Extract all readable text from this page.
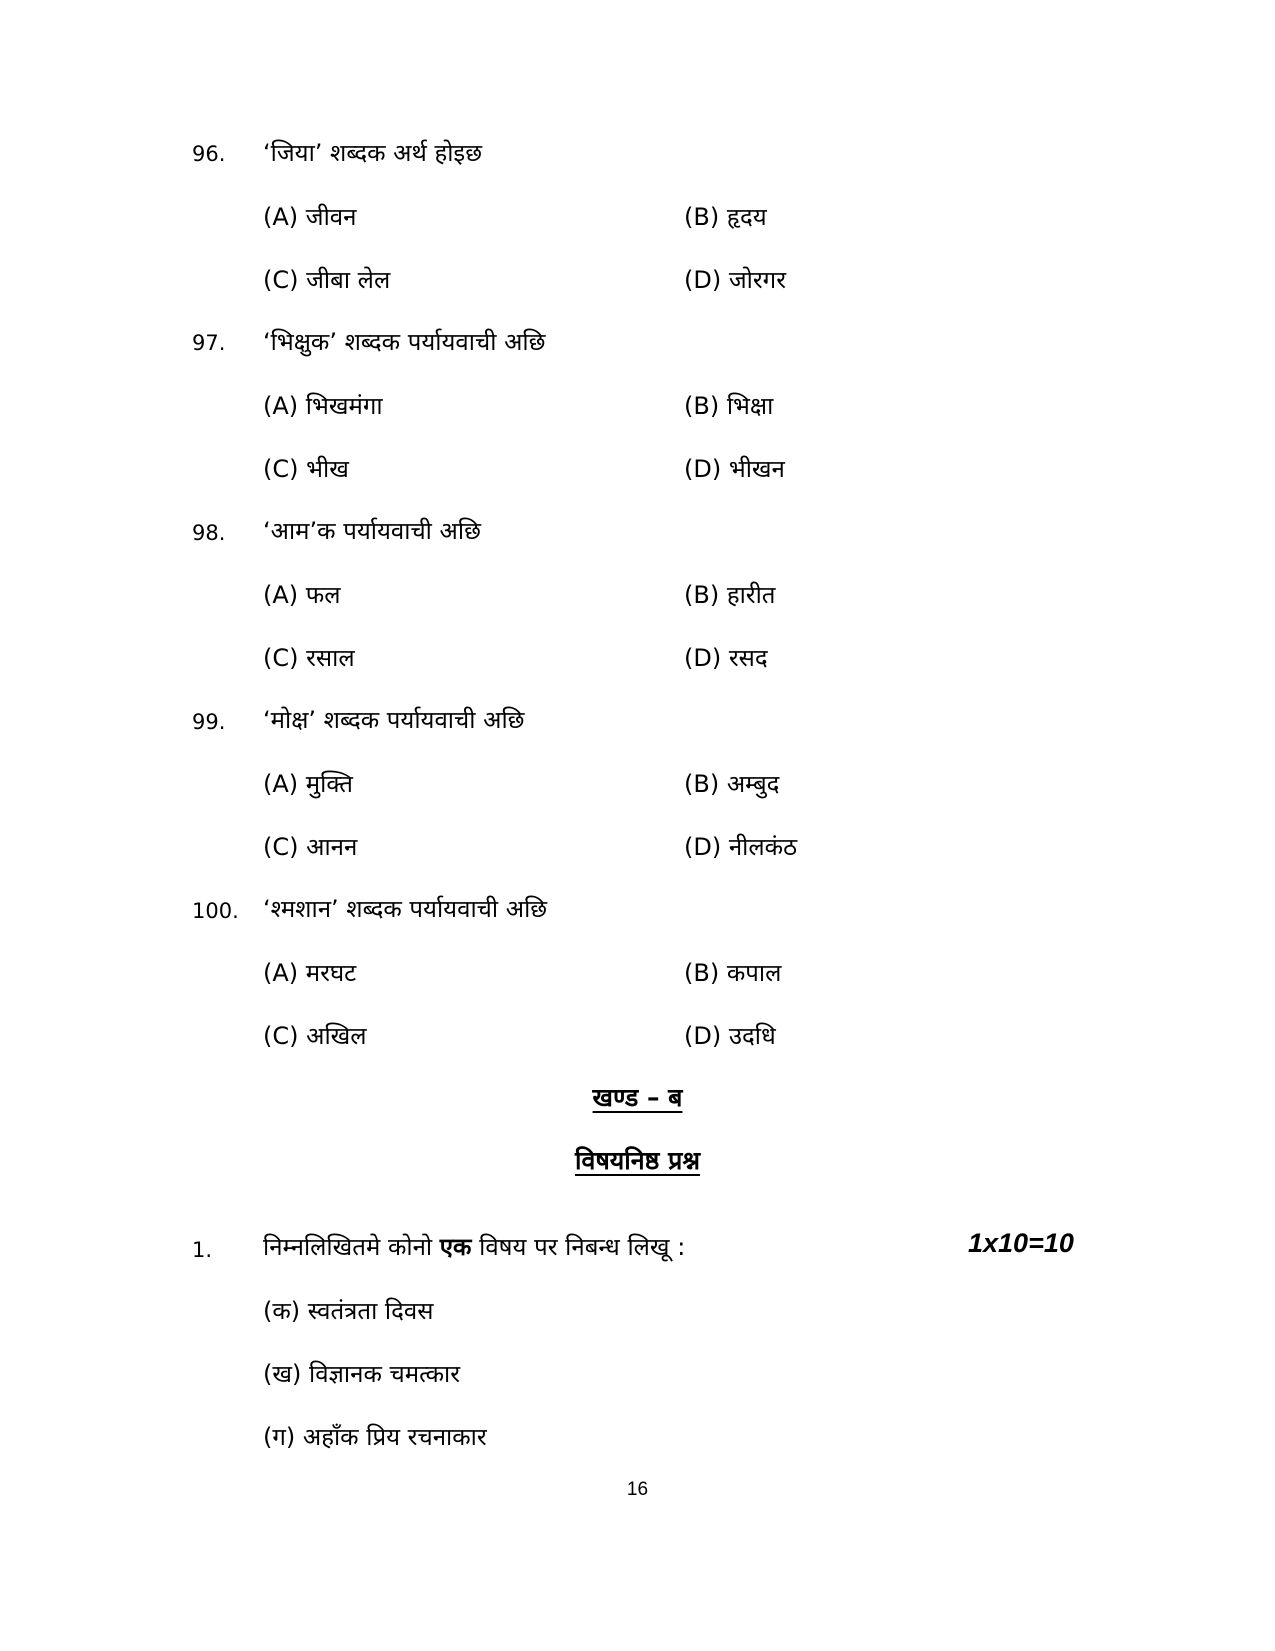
96. ‘जिया’ शब्दक अर्थ होइछ
(A) जीवन	(B) हृदय
(C) जीबा लेल	(D) जोरगर
97. ‘भिक्षुक’ शब्दक पर्यायवाची अछि
(A) भिखमंगा	(B) भिक्षा
(C) भीख	(D) भीखन
98. ‘आम’क पर्यायवाची अछि
(A) फल	(B) हारीत
(C) रसाल	(D) रसद
99. ‘मोक्ष’ शब्दक पर्यायवाची अछि
(A) मुक्ति	(B) अम्बुद
(C) आनन	(D) नीलकंठ
100. ‘श्मशान’ शब्दक पर्यायवाची अछि
(A) मरघट	(B) कपाल
(C) अखिल	(D) उदधि
खण्ड – ब
विषयनिष्ठ प्रश्न
1. निम्नलिखितमे कोनो एक विषय पर निबन्ध लिखू :	1x10=10
(क) स्वतंत्रता दिवस
(ख) विज्ञानक चमत्कार
(ग) अहाँक प्रिय रचनाकार
16
